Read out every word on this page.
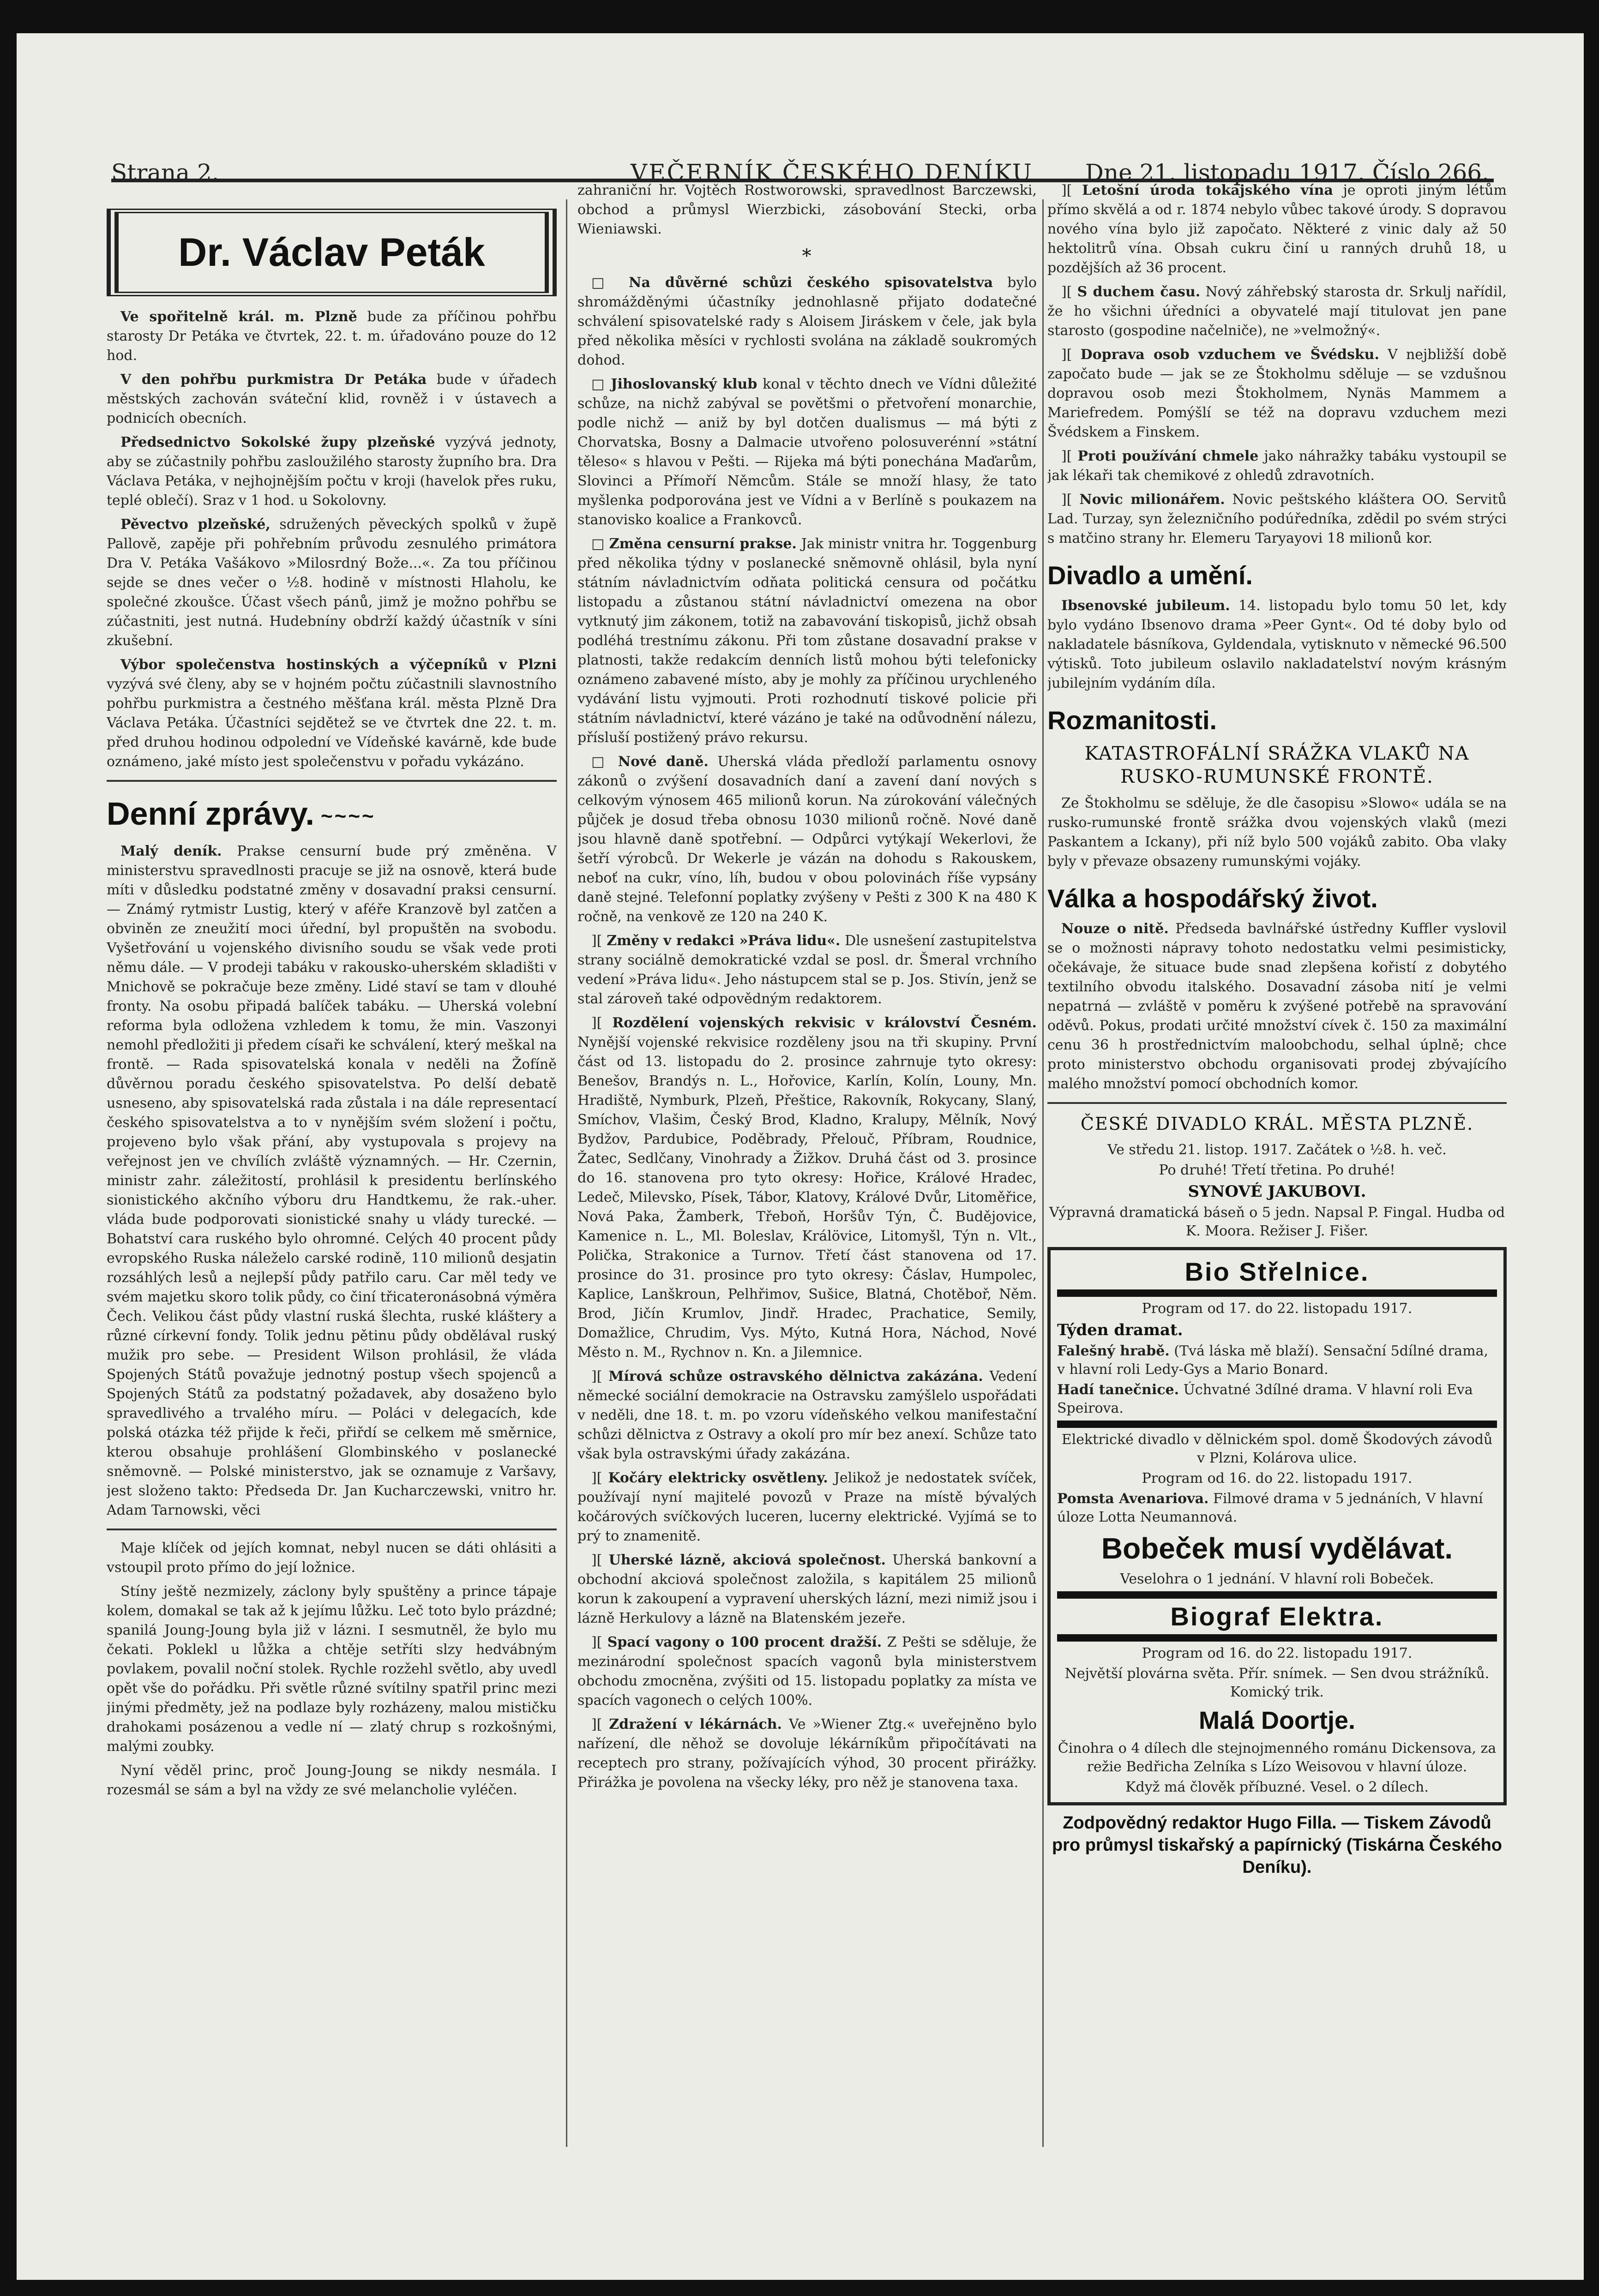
Strana 2.	VEČERNÍK ČESKÉHO DENÍKU Dne 21. listopadu 1917. Číslo 266.
Dr. Václav Peták

Ve spořitelně král. m. Plzně bude za příčinou pohřbu starosty Dr Petáka ve čtvrtek, 22. t. m. úřadováno pouze do 12 hod.

V den pohřbu purkmistra Dr Petáka bude v úřadech městských zachován sváteční klid, rovněž i v ústavech a podnicích obecních.

Předsednictvo Sokolské župy plzeňské vyzývá jednoty, aby se zúčastnily pohřbu zasloužilého starosty župního bra. Dra Václava Petáka, v nejhojnějším počtu v kroji (havelok přes ruku, teplé oblečí). Sraz v 1 hod. u Sokolovny.

Pěvectvo plzeňské, sdružených pěveckých spolků v župě Pallově, zapěje při pohřebním průvodu zesnulého primátora Dra V. Petáka Vašákovo »Milosrdný Bože...«. Za tou příčinou sejde se dnes večer o ½8. hodině v místnosti Hlaholu, ke společné zkoušce. Účast všech pánů, jimž je možno pohřbu se zúčastniti, jest nutná. Hudebníny obdrží každý účastník v síni zkušební.

Výbor společenstva hostinských a výčepníků v Plzni vyzývá své členy, aby se v hojném počtu zúčastnili slavnostního pohřbu purkmistra a čestného měšťana král. města Plzně Dra Václava Petáka. Účastníci sejdětež se ve čtvrtek dne 22. t. m. před druhou hodinou odpolední ve Vídeňské kavárně, kde bude oznámeno, jaké místo jest společenstvu v pořadu vykázáno.

Denní zprávy. ~~~~

Malý deník. Prakse censurní bude prý změněna. V ministerstvu spravedlnosti pracuje se již na osnově, která bude míti v důsledku podstatné změny v dosavadní praksi censurní. — Známý rytmistr Lustig, který v aféře Kranzově byl zatčen a obviněn ze zneužití moci úřední, byl propuštěn na svobodu. Vyšetřování u vojenského divisního soudu se však vede proti němu dále. — V prodeji tabáku v rakousko-uherském skladišti v Mnichově se pokračuje beze změny. Lidé staví se tam v dlouhé fronty. Na osobu připadá balíček tabáku. — Uherská volební reforma byla odložena vzhledem k tomu, že min. Vaszonyi nemohl předložiti ji předem císaři ke schválení, který meškal na frontě. — Rada spisovatelská konala v neděli na Žofíně důvěrnou poradu českého spisovatelstva. Po delší debatě usneseno, aby spisovatelská rada zůstala i na dále representací českého spisovatelstva a to v nynějším svém složení i počtu, projeveno bylo však přání, aby vystupovala s projevy na veřejnost jen ve chvílích zvláště významných. — Hr. Czernin, ministr zahr. záležitostí, prohlásil k presidentu berlínského sionistického akčního výboru dru Handtkemu, že rak.-uher. vláda bude podporovati sionistické snahy u vlády turecké. — Bohatství cara ruského bylo ohromné. Celých 40 procent půdy evropského Ruska náleželo carské rodině, 110 milionů desjatin rozsáhlých lesů a nejlepší půdy patřilo caru. Car měl tedy ve svém majetku skoro tolik půdy, co činí třicateronásobná výměra Čech. Velikou část půdy vlastní ruská šlechta, ruské kláštery a různé církevní fondy. Tolik jednu pětinu půdy obdělával ruský mužik pro sebe. — President Wilson prohlásil, že vláda Spojených Států považuje jednotný postup všech spojenců a Spojených Států za podstatný požadavek, aby dosaženo bylo spravedlivého a trvalého míru. — Poláci v delegacích, kde polská otázka též přijde k řeči, přiřdí se celkem mě směrnice, kterou obsahuje prohlášení Glombinského v poslanecké sněmovně. — Polské ministerstvo, jak se oznamuje z Varšavy, jest složeno takto: Předseda Dr. Jan Kucharczewski, vnitro hr. Adam Tarnowski, věci

Maje klíček od jejích komnat, nebyl nucen se dáti ohlásiti a vstoupil proto přímo do její ložnice.

Stíny ještě nezmizely, záclony byly spuštěny a prince tápaje kolem, domakal se tak až k jejímu lůžku. Leč toto bylo prázdné; spanilá Joung-Joung byla již v lázni. I sesmutněl, že bylo mu čekati. Poklekl u lůžka a chtěje setříti slzy hedvábným povlakem, povalil noční stolek. Rychle rozžehl světlo, aby uvedl opět vše do pořádku. Při světle různé svítilny spatřil princ mezi jinými předměty, jež na podlaze byly rozházeny, malou mističku drahokami posázenou a vedle ní — zlatý chrup s rozkošnými, malými zoubky.

Nyní věděl princ, proč Joung-Joung se nikdy nesmála. I rozesmál se sám a byl na vždy ze své melancholie vyléčen.

zahraniční hr. Vojtěch Rostworowski, spravedlnost Barczewski, obchod a průmysl Wierzbicki, zásobování Stecki, orba Wieniawski.

*

□ Na důvěrné schůzi českého spisovatelstva bylo shromážděnými účastníky jednohlasně přijato dodatečné schválení spisovatelské rady s Aloisem Jiráskem v čele, jak byla před několika měsíci v rychlosti svolána na základě soukromých dohod.

□ Jihoslovanský klub konal v těchto dnech ve Vídni důležité schůze, na nichž zabýval se povětšmi o přetvoření monarchie, podle nichž — aniž by byl dotčen dualismus — má býti z Chorvatska, Bosny a Dalmacie utvořeno polosuverénní »státní těleso« s hlavou v Pešti. — Rijeka má býti ponechána Maďarům, Slovinci a Přímoří Němcům. Stále se množí hlasy, že tato myšlenka podporována jest ve Vídni a v Berlíně s poukazem na stanovisko koalice a Frankovců.

□ Změna censurní prakse. Jak ministr vnitra hr. Toggenburg před několika týdny v poslanecké sněmovně ohlásil, byla nyní státním návladnictvím odňata politická censura od počátku listopadu a zůstanou státní návladnictví omezena na obor vytknutý jim zákonem, totiž na zabavování tiskopisů, jichž obsah podléhá trestnímu zákonu. Při tom zůstane dosavadní prakse v platnosti, takže redakcím denních listů mohou býti telefonicky oznámeno zabavené místo, aby je mohly za příčinou urychleného vydávání listu vyjmouti. Proti rozhodnutí tiskové policie při státním návladnictví, které vázáno je také na odůvodnění nálezu, přísluší postižený právo rekursu.

□ Nové daně. Uherská vláda předloží parlamentu osnovy zákonů o zvýšení dosavadních daní a zavení daní nových s celkovým výnosem 465 milionů korun. Na zúrokování válečných půjček je dosud třeba obnosu 1030 milionů ročně. Nové daně jsou hlavně daně spotřební. — Odpůrci vytýkají Wekerlovi, že šetří výrobců. Dr Wekerle je vázán na dohodu s Rakouskem, neboť na cukr, víno, líh, budou v obou polovinách říše vypsány daně stejné. Telefonní poplatky zvýšeny v Pešti z 300 K na 480 K ročně, na venkově ze 120 na 240 K.

][ Změny v redakci »Práva lidu«. Dle usnešení zastupitelstva strany sociálně demokratické vzdal se posl. dr. Šmeral vrchního vedení »Práva lidu«. Jeho nástupcem stal se p. Jos. Stivín, jenž se stal zároveň také odpovědným redaktorem.

][ Rozdělení vojenských rekvisic v království Česném. Nynější vojenské rekvisice rozděleny jsou na tři skupiny. První část od 13. listopadu do 2. prosince zahrnuje tyto okresy: Benešov, Brandýs n. L., Hořovice, Karlín, Kolín, Louny, Mn. Hradiště, Nymburk, Plzeň, Přeštice, Rakovník, Rokycany, Slaný, Smíchov, Vlašim, Český Brod, Kladno, Kralupy, Mělník, Nový Bydžov, Pardubice, Poděbrady, Přelouč, Příbram, Roudnice, Žatec, Sedlčany, Vinohrady a Žižkov. Druhá část od 3. prosince do 16. stanovena pro tyto okresy: Hořice, Králové Hradec, Ledeč, Milevsko, Písek, Tábor, Klatovy, Králové Dvůr, Litoměřice, Nová Paka, Žamberk, Třeboň, Horšův Týn, Č. Budějovice, Kamenice n. L., Ml. Boleslav, Králövice, Litomyšl, Týn n. Vlt., Polička, Strakonice a Turnov. Třetí část stanovena od 17. prosince do 31. prosince pro tyto okresy: Čáslav, Humpolec, Kaplice, Lanškroun, Pelhřimov, Sušice, Blatná, Chotěboř, Něm. Brod, Jičín Krumlov, Jindř. Hradec, Prachatice, Semily, Domažlice, Chrudim, Vys. Mýto, Kutná Hora, Náchod, Nové Město n. M., Rychnov n. Kn. a Jilemnice.

][ Mírová schůze ostravského dělnictva zakázána. Vedení německé sociální demokracie na Ostravsku zamýšlelo uspořádati v neděli, dne 18. t. m. po vzoru vídeňského velkou manifestační schůzi dělnictva z Ostravy a okolí pro mír bez anexí. Schůze tato však byla ostravskými úřady zakázána.

][ Kočáry elektricky osvětleny. Jelikož je nedostatek svíček, používají nyní majitelé povozů v Praze na místě bývalých kočárových svíčkových luceren, lucerny elektrické. Vyjímá se to prý to znamenitě.

][ Uherské lázně, akciová společnost. Uherská bankovní a obchodní akciová společnost založila, s kapitálem 25 milionů korun k zakoupení a vypravení uherských lázní, mezi nimiž jsou i lázně Herkulovy a lázně na Blatenském jezeře.

][ Spací vagony o 100 procent dražší. Z Pešti se sděluje, že mezinárodní společnost spacích vagonů byla ministerstvem obchodu zmocněna, zvýšiti od 15. listopadu poplatky za místa ve spacích vagonech o celých 100%.

][ Zdražení v lékárnách. Ve »Wiener Ztg.« uveřejněno bylo nařízení, dle něhož se dovoluje lékárníkům připočítávati na receptech pro strany, požívajících výhod, 30 procent přirážky. Přirážka je povolena na všecky léky, pro něž je stanovena taxa.

][ Letošní úroda tokajského vína je oproti jiným létům přímo skvělá a od r. 1874 nebylo vůbec takové úrody. S dopravou nového vína bylo již započato. Některé z vinic daly až 50 hektolitrů vína. Obsah cukru činí u ranných druhů 18, u pozdějších až 36 procent.

][ S duchem času. Nový záhřebský starosta dr. Srkulj nařídil, že ho všichni úředníci a obyvatelé mají titulovat jen pane starosto (gospodine načelniče), ne »velmožný«.

][ Doprava osob vzduchem ve Švédsku. V nejbližší době započato bude — jak se ze Štokholmu sděluje — se vzdušnou dopravou osob mezi Štokholmem, Nynäs Mammem a Mariefredem. Pomýšlí se též na dopravu vzduchem mezi Švédskem a Finskem.

][ Proti používání chmele jako náhražky tabáku vystoupil se jak lékaři tak chemikové z ohledů zdravotních.

][ Novic milionářem. Novic peštského kláštera OO. Servitů Lad. Turzay, syn železničního podúředníka, zdědil po svém strýci s matčino strany hr. Elemeru Taryayovi 18 milionů kor.

Divadlo a umění.

Ibsenovské jubileum. 14. listopadu bylo tomu 50 let, kdy bylo vydáno Ibsenovo drama »Peer Gynt«. Od té doby bylo od nakladatele básníkova, Gyldendala, vytisknuto v německé 96.500 výtisků. Toto jubileum oslavilo nakladatelství novým krásným jubilejním vydáním díla.

Rozmanitosti.
KATASTROFÁLNÍ SRÁŽKA VLAKŮ NA RUSKO-RUMUNSKÉ FRONTĚ.

Ze Štokholmu se sděluje, že dle časopisu »Slowo« udála se na rusko-rumunské frontě srážka dvou vojenských vlaků (mezi Paskantem a Ickany), při níž bylo 500 vojáků zabito. Oba vlaky byly v převaze obsazeny rumunskými vojáky.

Válka a hospodářský život.

Nouze o nitě. Předseda bavlnářské ústředny Kuffler vyslovil se o možnosti nápravy tohoto nedostatku velmi pesimisticky, očekávaje, že situace bude snad zlepšena kořistí z dobytého textilního obvodu italského. Dosavadní zásoba nití je velmi nepatrná — zvláště v poměru k zvýšené potřebě na spravování oděvů. Pokus, prodati určité množství cívek č. 150 za maximální cenu 36 h prostřednictvím maloobchodu, selhal úplně; chce proto ministerstvo obchodu organisovati prodej zbývajícího malého množství pomocí obchodních komor.

ČESKÉ DIVADLO KRÁL. MĚSTA PLZNĚ.
Ve středu 21. listop. 1917. Začátek o ½8. h. več.
Po druhé! Třetí třetina. Po druhé!
SYNOVÉ JAKUBOVI.
Výpravná dramatická báseň o 5 jedn. Napsal P. Fingal. Hudba od K. Moora. Režiser J. Fišer.
Bio Střelnice.
Program od 17. do 22. listopadu 1917.
Týden dramat.
Falešný hrabě. (Tvá láska mě blaží). Sensační 5dílné drama, v hlavní roli Ledy-Gys a Mario Bonard.
Hadí tanečnice. Úchvatné 3dílné drama. V hlavní roli Eva Speirova.
Elektrické divadlo v dělnickém spol. domě Škodových závodů v Plzni, Kolárova ulice.
Program od 16. do 22. listopadu 1917.
Pomsta Avenariova. Filmové drama v 5 jednáních, V hlavní úloze Lotta Neumannová.
Bobeček musí vydělávat.
Veselohra o 1 jednání. V hlavní roli Bobeček.
Biograf Elektra.
Program od 16. do 22. listopadu 1917.
Největší plovárna světa. Přír. snímek. — Sen dvou strážníků. Komický trik.
Malá Doortje.
Činohra o 4 dílech dle stejnojmenného románu Dickensova, za režie Bedřicha Zelníka s Lízo Weisovou v hlavní úloze.
Když má člověk příbuzné. Vesel. o 2 dílech.
Zodpovědný redaktor Hugo Filla. — Tiskem Závodů pro průmysl tiskařský a papírnický (Tiskárna Českého Deníku).
